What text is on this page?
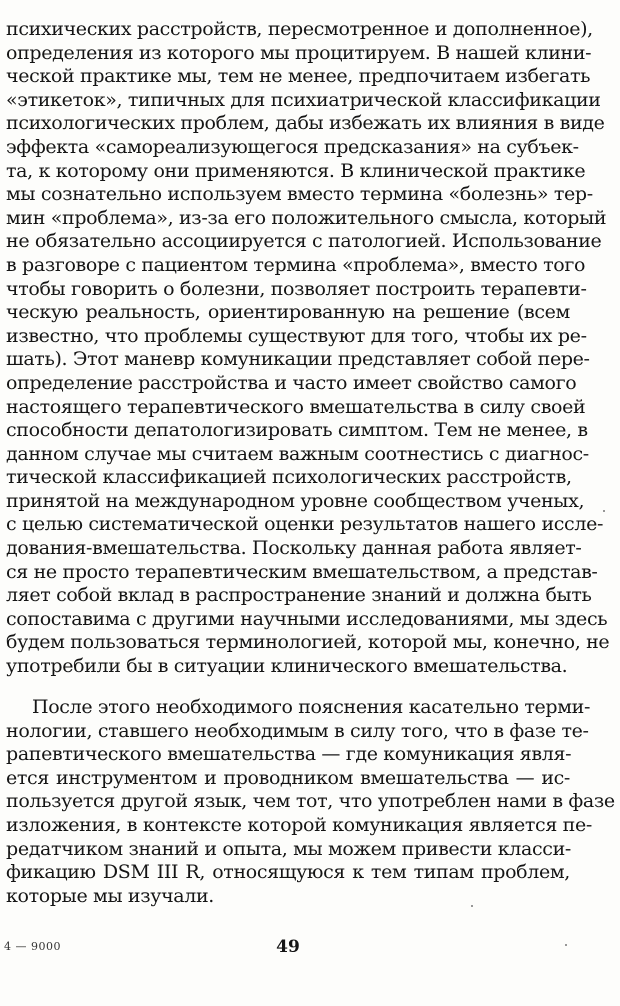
психических расстройств, пересмотренное и дополненное),
определения из которого мы процитируем. В нашей клини-
ческой практике мы, тем не менее, предпочитаем избегать
«этикеток», типичных для психиатрической классификации
психологических проблем, дабы избежать их влияния в виде
эффекта «самореализующегося предсказания» на субъек-
та, к которому они применяются. В клинической практике
мы сознательно используем вместо термина «болезнь» тер-
мин «проблема», из-за его положительного смысла, который
не обязательно ассоциируется с патологией. Использование
в разговоре с пациентом термина «проблема», вместо того
чтобы говорить о болезни, позволяет построить терапевти-
ческую реальность, ориентированную на решение (всем
известно, что проблемы существуют для того, чтобы их ре-
шать). Этот маневр комуникации представляет собой пере-
определение расстройства и часто имеет свойство самого
настоящего терапевтического вмешательства в силу своей
способности депатологизировать симптом. Тем не менее, в
данном случае мы считаем важным соотнестись с диагнос-
тической классификацией психологических расстройств,
принятой на международном уровне сообществом ученых,
с целью систематической оценки результатов нашего иссле-
дования-вмешательства. Поскольку данная работа являет-
ся не просто терапевтическим вмешательством, а представ-
ляет собой вклад в распространение знаний и должна быть
сопоставима с другими научными исследованиями, мы здесь
будем пользоваться терминологией, которой мы, конечно, не
употребили бы в ситуации клинического вмешательства.
После этого необходимого пояснения касательно терми-
нологии, ставшего необходимым в силу того, что в фазе те-
рапевтического вмешательства — где комуникация явля-
ется инструментом и проводником вмешательства — ис-
пользуется другой язык, чем тот, что употреблен нами в фазе
изложения, в контексте которой комуникация является пе-
редатчиком знаний и опыта, мы можем привести класси-
фикацию DSM III R, относящуюся к тем типам проблем,
которые мы изучали.
4 — 9000	49
